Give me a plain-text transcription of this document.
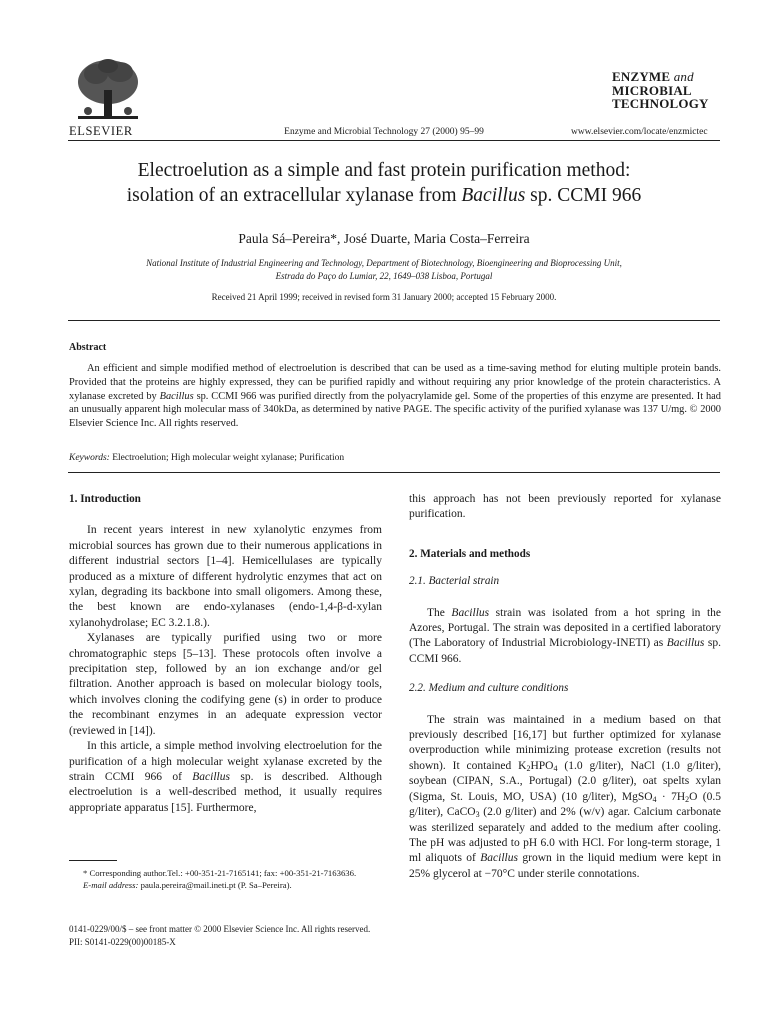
ELSEVIER	Enzyme and Microbial Technology 27 (2000) 95–99
ENZYME and
MICROBIAL
TECHNOLOGY
www.elsevier.com/locate/enzmictec
Electroelution as a simple and fast protein purification method:
isolation of an extracellular xylanase from Bacillus sp. CCMI 966
Paula Sá–Pereira*, José Duarte, Maria Costa–Ferreira
National Institute of Industrial Engineering and Technology, Department of Biotechnology, Bioengineering and Bioprocessing Unit,
Estrada do Paço do Lumiar, 22, 1649–038 Lisboa, Portugal
Received 21 April 1999; received in revised form 31 January 2000; accepted 15 February 2000.
Abstract
An efficient and simple modified method of electroelution is described that can be used as a time-saving method for eluting multiple protein bands. Provided that the proteins are highly expressed, they can be purified rapidly and without requiring any prior knowledge of the protein characteristics. A xylanase excreted by Bacillus sp. CCMI 966 was purified directly from the polyacrylamide gel. Some of the properties of this enzyme are presented. It had an unusually apparent high molecular mass of 340kDa, as determined by native PAGE. The specific activity of the purified xylanase was 137 U/mg. © 2000 Elsevier Science Inc. All rights reserved.
Keywords: Electroelution; High molecular weight xylanase; Purification
1. Introduction

In recent years interest in new xylanolytic enzymes from microbial sources has grown due to their numerous applications in different industrial sectors [1–4]. Hemicellulases are typically produced as a mixture of different hydrolytic enzymes that act on xylan, degrading its backbone into small oligomers. Among these, the best known are endo-xylanases (endo-1,4-β-d-xylan xylanohydrolase; EC 3.2.1.8.).

Xylanases are typically purified using two or more chromatographic steps [5–13]. These protocols often involve a precipitation step, followed by an ion exchange and/or gel filtration. Another approach is based on molecular biology tools, which involves cloning the codifying gene (s) in order to produce the recombinant enzymes in an adequate expression vector (reviewed in [14]).

In this article, a simple method involving electroelution for the purification of a high molecular weight xylanase excreted by the strain CCMI 966 of Bacillus sp. is described. Although electroelution is a well-described method, it usually requires appropriate apparatus [15]. Furthermore,

* Corresponding author.Tel.: +00-351-21-7165141; fax: +00-351-21-7163636.

E-mail address: paula.pereira@mail.ineti.pt (P. Sa–Pereira).

0141-0229/00/$ – see front matter © 2000 Elsevier Science Inc. All rights reserved.
PII: S0141-0229(00)00185-X

this approach has not been previously reported for xylanase purification.

2. Materials and methods
2.1. Bacterial strain

The Bacillus strain was isolated from a hot spring in the Azores, Portugal. The strain was deposited in a certified laboratory (The Laboratory of Industrial Microbiology-INETI) as Bacillus sp. CCMI 966.

2.2. Medium and culture conditions

The strain was maintained in a medium based on that previously described [16,17] but further optimized for xylanase overproduction while minimizing protease excretion (results not shown). It contained $K_2HPO_4$ (1.0 g/liter), NaCl (1.0 g/liter), soybean (CIPAN, S.A., Portugal) (2.0 g/liter), oat spelts xylan (Sigma, St. Louis, MO, USA) (10 g/liter), MgSO$_4$ · $7H_2O$ (0.5 g/liter), CaCO$_3$ (2.0 g/liter) and 2% (w/v) agar. Calcium carbonate was sterilized separately and added to the medium after cooling. The pH was adjusted to pH 6.0 with HCl. For long-term storage, 1 ml aliquots of Bacillus grown in the liquid medium were kept in 25% glycerol at −70°C under sterile connotations.
